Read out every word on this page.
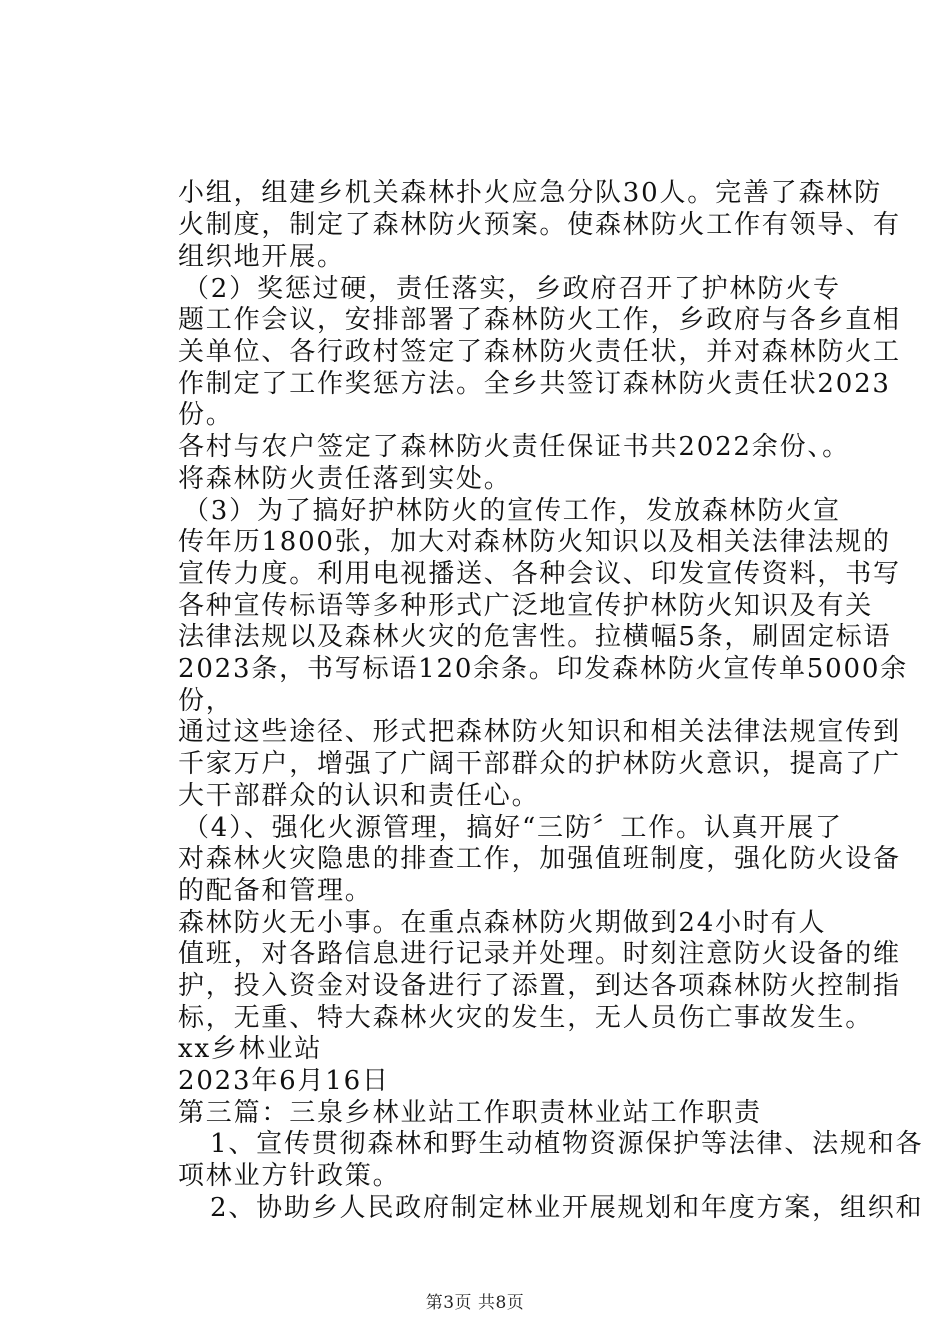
小组，组建乡机关森林扑火应急分队30人。完善了森林防
火制度，制定了森林防火预案。使森林防火工作有领导、有
组织地开展。
（2）奖惩过硬，责任落实，乡政府召开了护林防火专
题工作会议，安排部署了森林防火工作，乡政府与各乡直相
关单位、各行政村签定了森林防火责任状，并对森林防火工
作制定了工作奖惩方法。全乡共签订森林防火责任状2023
份。
各村与农户签定了森林防火责任保证书共2022余份、。
将森林防火责任落到实处。
（3）为了搞好护林防火的宣传工作，发放森林防火宣
传年历1800张，加大对森林防火知识以及相关法律法规的
宣传力度。利用电视播送、各种会议、印发宣传资料，书写
各种宣传标语等多种形式广泛地宣传护林防火知识及有关
法律法规以及森林火灾的危害性。拉横幅5条，刷固定标语
2023条，书写标语120余条。印发森林防火宣传单5000余
份，
通过这些途径、形式把森林防火知识和相关法律法规宣传到
千家万户，增强了广阔干部群众的护林防火意识，提高了广
大干部群众的认识和责任心。
（4）、强化火源管理，搞好“三防〞工作。认真开展了
对森林火灾隐患的排查工作，加强值班制度，强化防火设备
的配备和管理。
森林防火无小事。在重点森林防火期做到24小时有人
值班，对各路信息进行记录并处理。时刻注意防火设备的维
护，投入资金对设备进行了添置，到达各项森林防火控制指
标，无重、特大森林火灾的发生，无人员伤亡事故发生。
xx乡林业站
2023年6月16日
第三篇：三泉乡林业站工作职责林业站工作职责
1、宣传贯彻森林和野生动植物资源保护等法律、法规和各
项林业方针政策。
2、协助乡人民政府制定林业开展规划和年度方案，组织和
第3页 共8页
